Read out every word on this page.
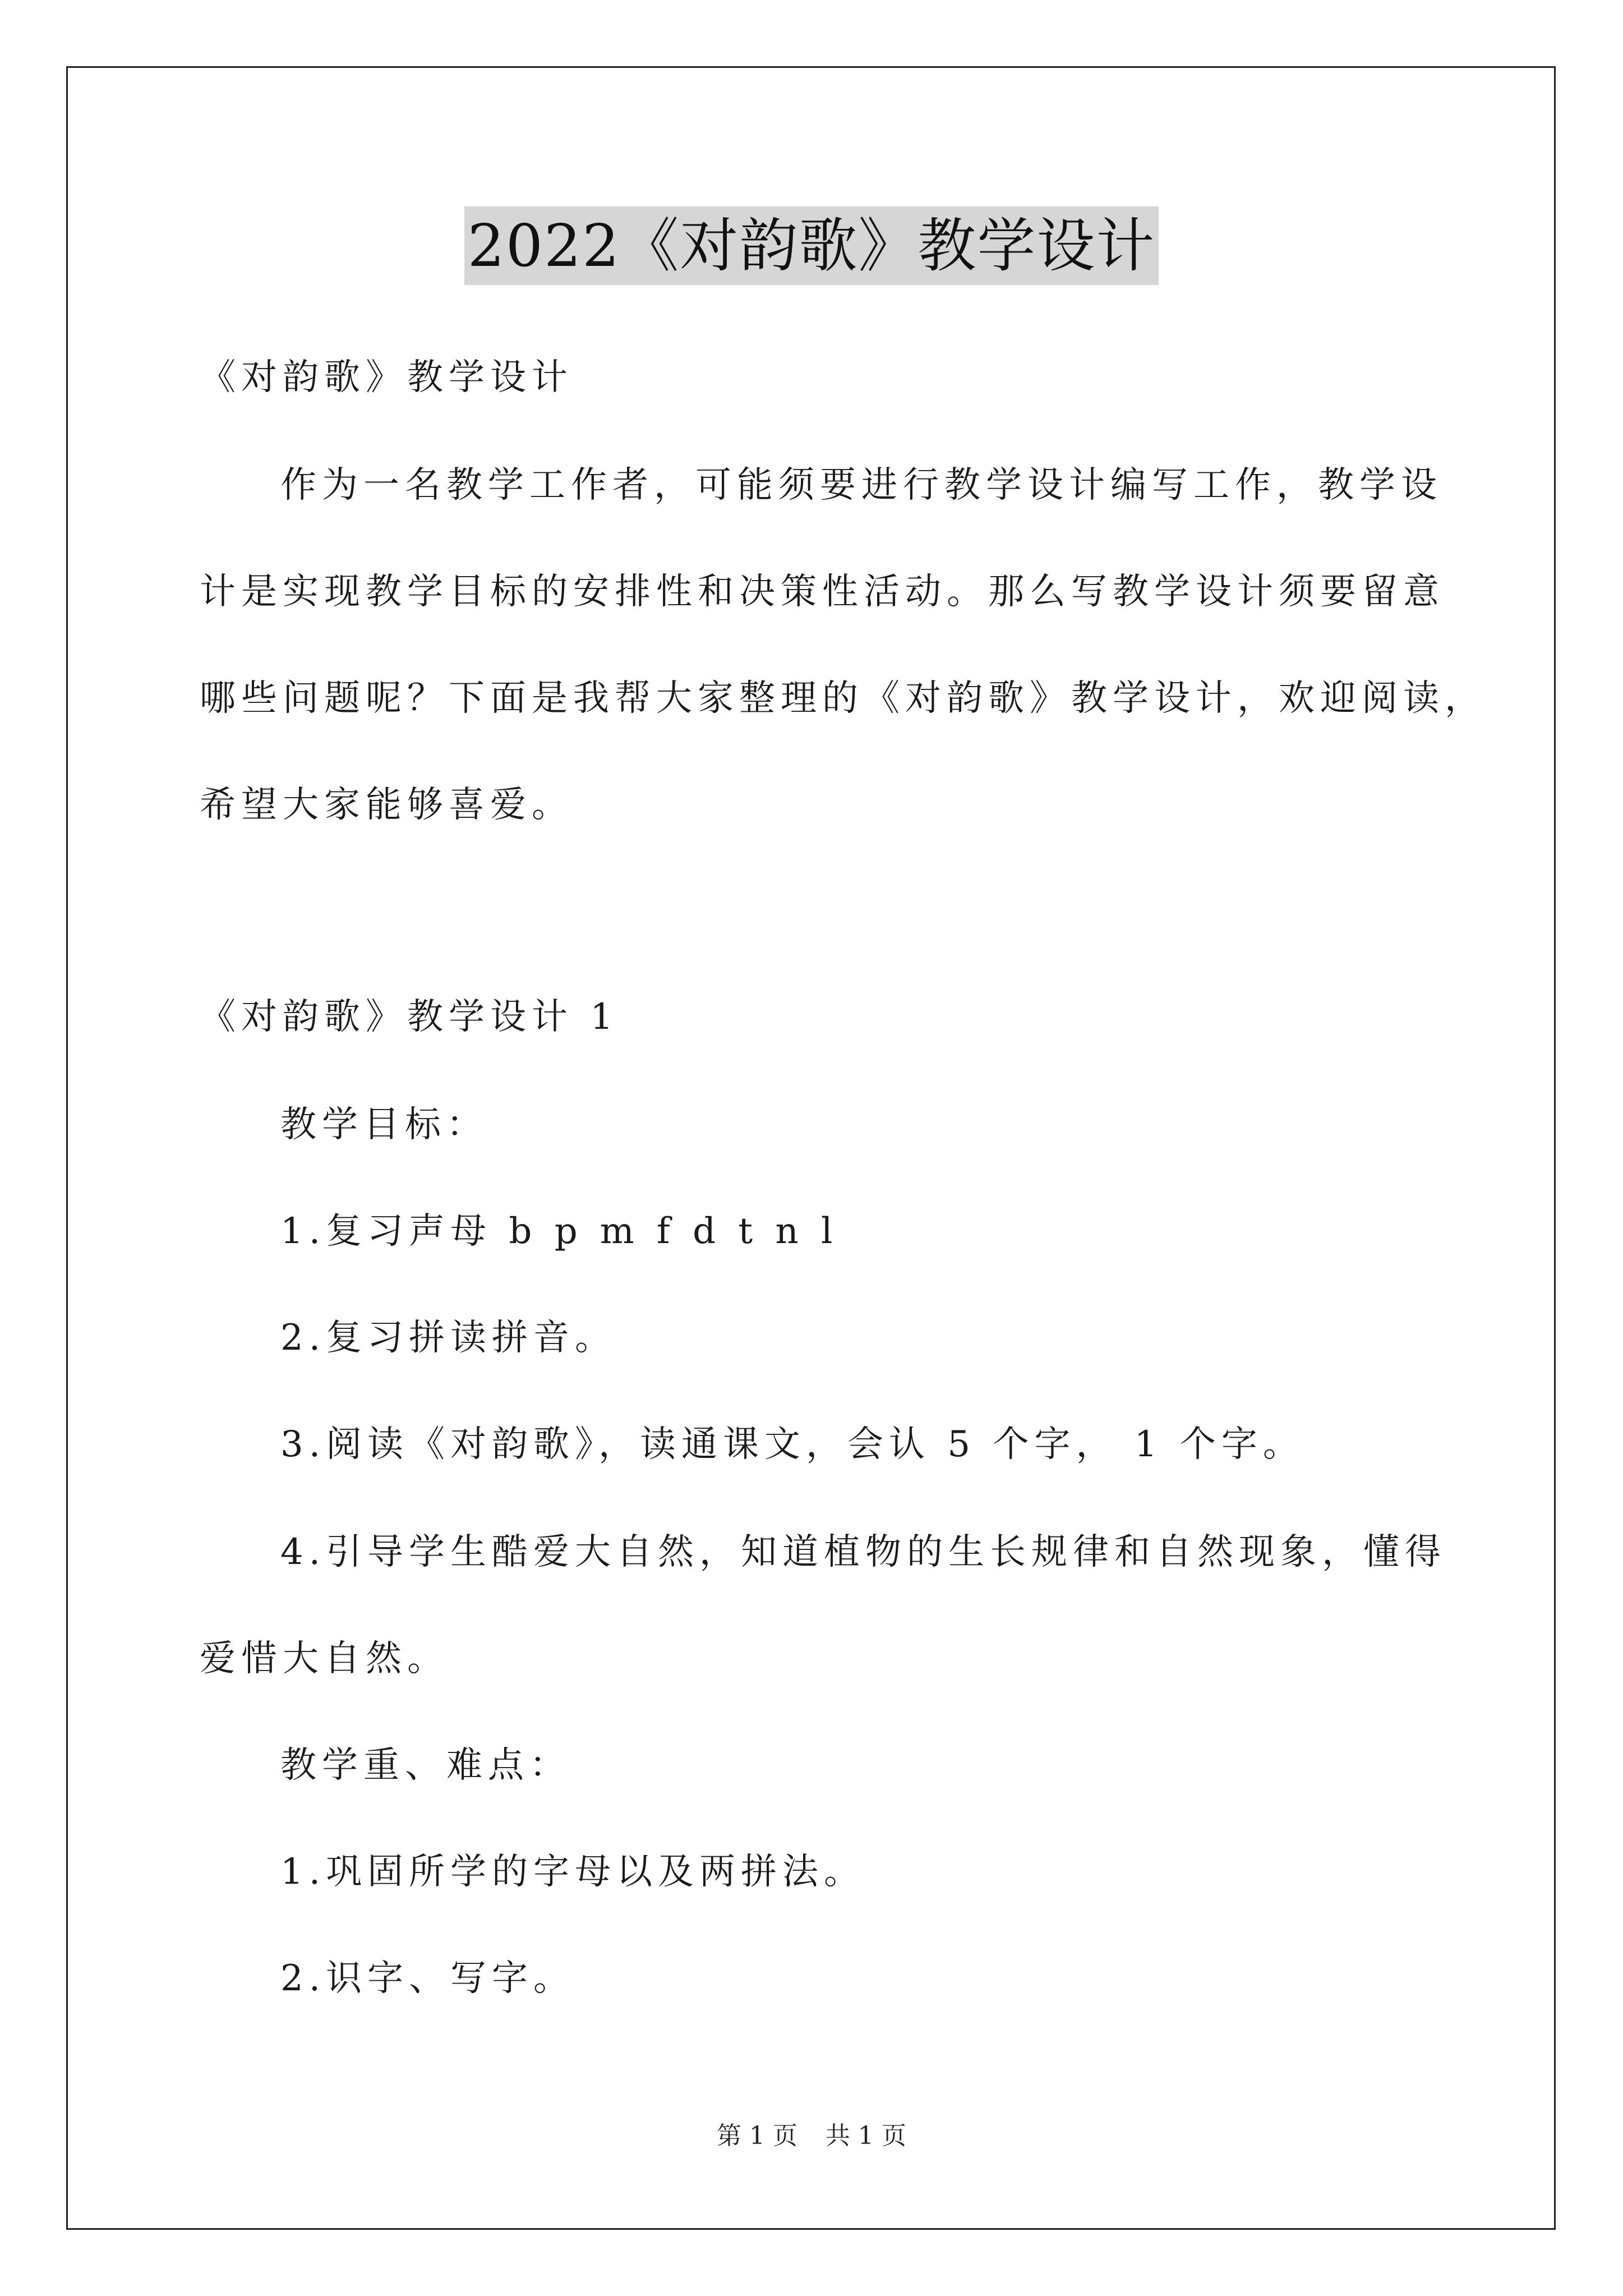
2022《对韵歌》教学设计
《对韵歌》教学设计
作为一名教学工作者，可能须要进行教学设计编写工作，教学设
计是实现教学目标的安排性和决策性活动。那么写教学设计须要留意
哪些问题呢？下面是我帮大家整理的《对韵歌》教学设计，欢迎阅读，
希望大家能够喜爱。
《对韵歌》教学设计 1
教学目标：
1.复习声母 b p m f d t n l
2.复习拼读拼音。
3.阅读《对韵歌》，读通课文，会认 5 个字， 1 个字。
4.引导学生酷爱大自然，知道植物的生长规律和自然现象，懂得
爱惜大自然。
教学重、难点：
1.巩固所学的字母以及两拼法。
2.识字、写字。
第 1 页 共 1 页
